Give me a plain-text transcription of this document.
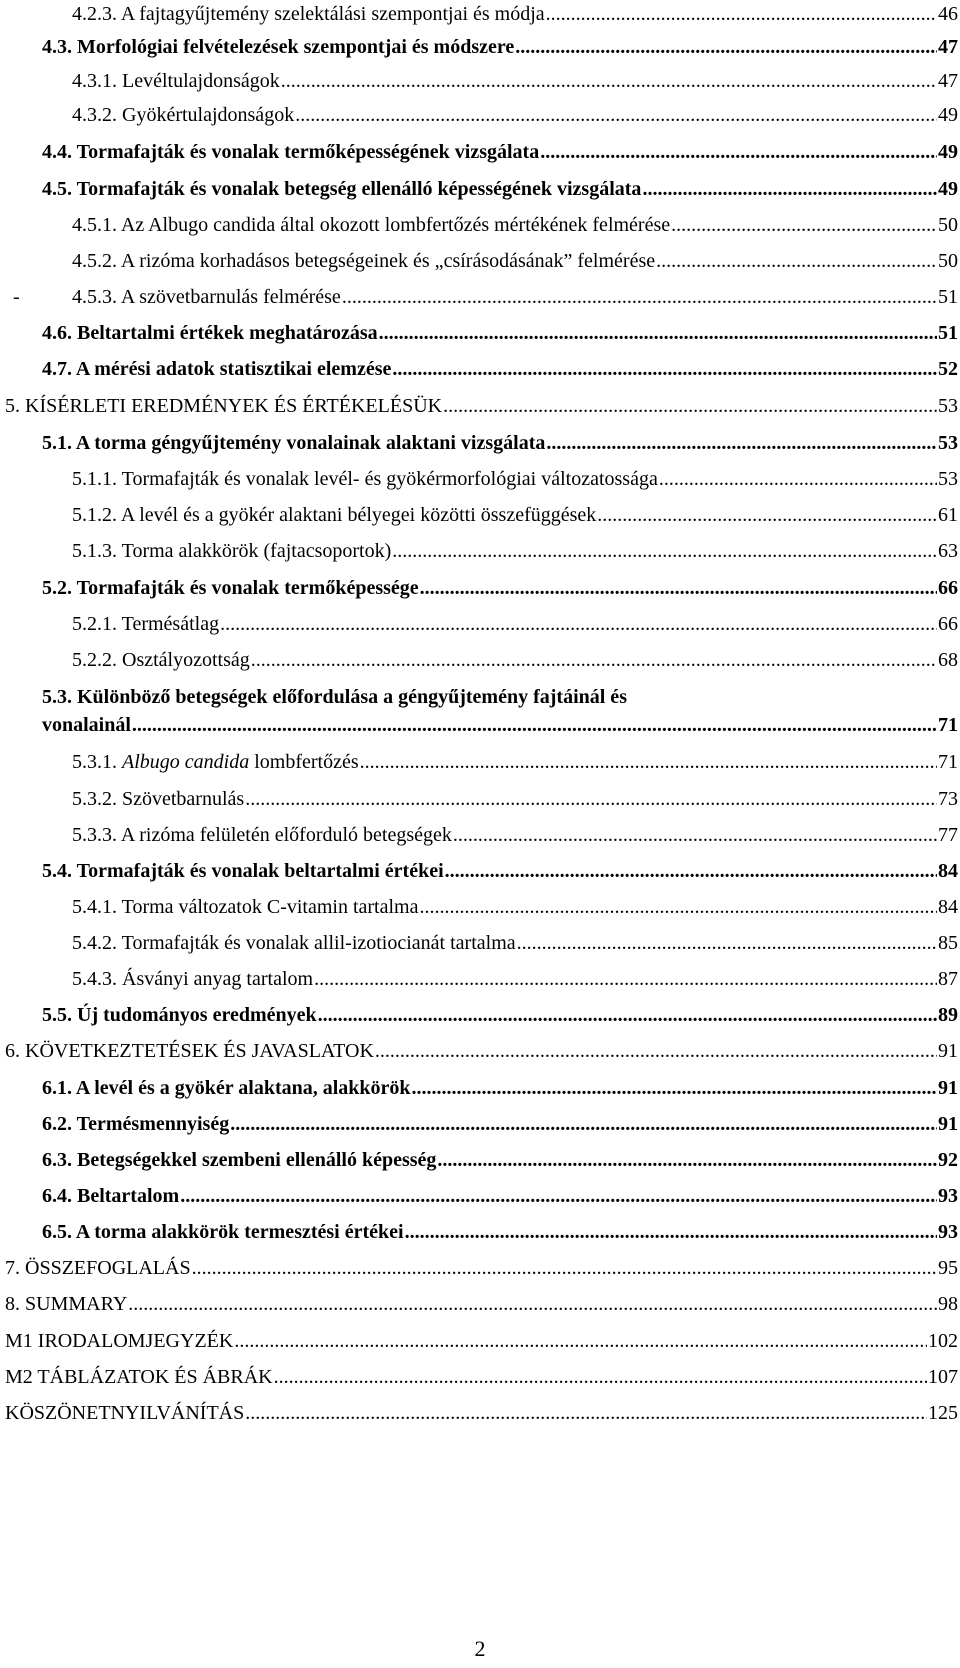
4.2.3. A fajtagyűjtemény szelektálási szempontjai és módja .....	46
4.3. Morfológiai felvételezések szempontjai és módszere .....	47
4.3.1. Levéltulajdonságok .....	47
4.3.2. Gyökértulajdonságok .....	49
4.4. Tormafajták és vonalak termőképességének vizsgálata .....	49
4.5. Tormafajták és vonalak betegség ellenálló képességének vizsgálata .....	49
4.5.1. Az Albugo candida által okozott lombfertőzés mértékének felmérése .....	50
4.5.2. A rizóma korhadásos betegségeinek és „csírásodásának” felmérése .....	50
-	4.5.3. A szövetbarnulás felmérése .....	51
4.6. Beltartalmi értékek meghatározása .....	51
4.7. A mérési adatok statisztikai elemzése .....	52
5. KÍSÉRLETI EREDMÉNYEK ÉS ÉRTÉKELÉSÜK .....	53
5.1. A torma géngyűjtemény vonalainak alaktani vizsgálata .....	53
5.1.1. Tormafajták és vonalak levél- és gyökérmorfológiai változatossága .....	53
5.1.2. A levél és a gyökér alaktani bélyegei közötti összefüggések .....	61
5.1.3. Torma alakkörök (fajtacsoportok) .....	63
5.2. Tormafajták és vonalak termőképessége .....	66
5.2.1. Termésátlag .....	66
5.2.2. Osztályozottság .....	68
5.3. Különböző betegségek előfordulása a géngyűjtemény fajtáinál és
vonalainál .....	71
5.3.1. Albugo candida lombfertőzés .....	71
5.3.2. Szövetbarnulás .....	73
5.3.3. A rizóma felületén előforduló betegségek .....	77
5.4. Tormafajták és vonalak beltartalmi értékei .....	84
5.4.1. Torma változatok C-vitamin tartalma .....	84
5.4.2. Tormafajták és vonalak allil-izotiocianát tartalma .....	85
5.4.3. Ásványi anyag tartalom .....	87
5.5. Új tudományos eredmények .....	89
6. KÖVETKEZTETÉSEK ÉS JAVASLATOK .....	91
6.1. A levél és a gyökér alaktana, alakkörök .....	91
6.2. Termésmennyiség .....	91
6.3. Betegségekkel szembeni ellenálló képesség .....	92
6.4. Beltartalom .....	93
6.5. A torma alakkörök termesztési értékei .....	93
7. ÖSSZEFOGLALÁS .....	95
8. SUMMARY .....	98
M1 IRODALOMJEGYZÉK .....	102
M2 TÁBLÁZATOK ÉS ÁBRÁK .....	107
KÖSZÖNETNYILVÁNÍTÁS .....	125
2
